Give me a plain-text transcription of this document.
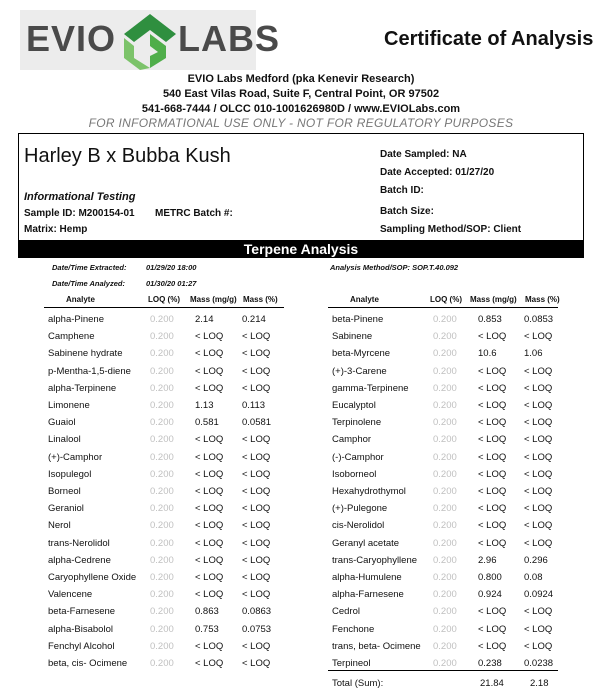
EVIO LABS	Certificate of Analysis
EVIO Labs Medford (pka Kenevir Research)
540 East Vilas Road, Suite F, Central Point, OR 97502
541-668-7444 / OLCC 010-1001626980D / www.EVIOLabs.com
FOR INFORMATIONAL USE ONLY - NOT FOR REGULATORY PURPOSES
Harley B x Bubba Kush
Informational Testing
Sample ID: M200154-01 METRC Batch #:
Matrix: Hemp
Date Sampled: NA
Date Accepted: 01/27/20
Batch ID:
Batch Size:
Sampling Method/SOP: Client
Terpene Analysis
Date/Time Extracted:	01/29/20 18:00
Date/Time Analyzed:	01/30/20 01:27
Analysis Method/SOP: SOP.T.40.092
Analyte	LOQ (%) Mass (mg/g) Mass (%)	Analyte	LOQ (%) Mass (mg/g) Mass (%)
alpha-Pinene	0.200 2.14	0.214
Camphene	0.200 < LOQ < LOQ
Sabinene hydrate	0.200 < LOQ < LOQ
p-Mentha-1,5-diene 0.200 < LOQ < LOQ
alpha-Terpinene	0.200 < LOQ < LOQ
Limonene	0.200 1.13	0.113
Guaiol	0.200 0.581 0.0581
Linalool	0.200 < LOQ < LOQ
(+)-Camphor	0.200 < LOQ < LOQ
Isopulegol	0.200 < LOQ < LOQ
Borneol	0.200 < LOQ < LOQ
Geraniol	0.200 < LOQ < LOQ
Nerol	0.200 < LOQ < LOQ
trans-Nerolidol	0.200 < LOQ < LOQ
alpha-Cedrene	0.200 < LOQ < LOQ
Caryophyllene Oxide 0.200 < LOQ < LOQ
Valencene	0.200 < LOQ < LOQ
beta-Farnesene	0.200 0.863 0.0863
alpha-Bisabolol	0.200 0.753 0.0753
Fenchyl Alcohol	0.200 < LOQ < LOQ
beta, cis- Ocimene 0.200 < LOQ < LOQ
beta-Pinene	0.200 0.853 0.0853
Sabinene	0.200 < LOQ < LOQ
beta-Myrcene	0.200 10.6	1.06
(+)-3-Carene	0.200 < LOQ < LOQ
gamma-Terpinene	0.200 < LOQ < LOQ
Eucalyptol	0.200 < LOQ < LOQ
Terpinolene	0.200 < LOQ < LOQ
Camphor	0.200 < LOQ < LOQ
(-)-Camphor	0.200 < LOQ < LOQ
Isoborneol	0.200 < LOQ < LOQ
Hexahydrothymol	0.200 < LOQ < LOQ
(+)-Pulegone	0.200 < LOQ < LOQ
cis-Nerolidol	0.200 < LOQ < LOQ
Geranyl acetate	0.200 < LOQ < LOQ
trans-Caryophyllene 0.200 2.96	0.296
alpha-Humulene	0.200 0.800 0.08
alpha-Farnesene	0.200 0.924 0.0924
Cedrol	0.200 < LOQ < LOQ
Fenchone	0.200 < LOQ < LOQ
trans, beta- Ocimene 0.200 < LOQ < LOQ
Terpineol	0.200 0.238 0.0238
Total (Sum):	21.84	2.18
